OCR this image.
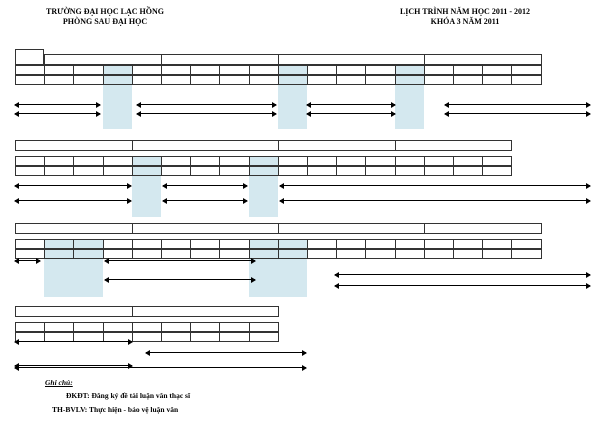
TRƯỜNG ĐẠI HỌC LẠC HỒNG
PHÒNG SAU ĐẠI HỌC
LỊCH TRÌNH NĂM HỌC 2011 - 2012
KHÓA 3 NĂM 2011
Ghi chú:
ĐKĐT: Đăng ký đề tài luận văn thạc sĩ
TH-BVLV: Thực hiện - bảo vệ luận văn
